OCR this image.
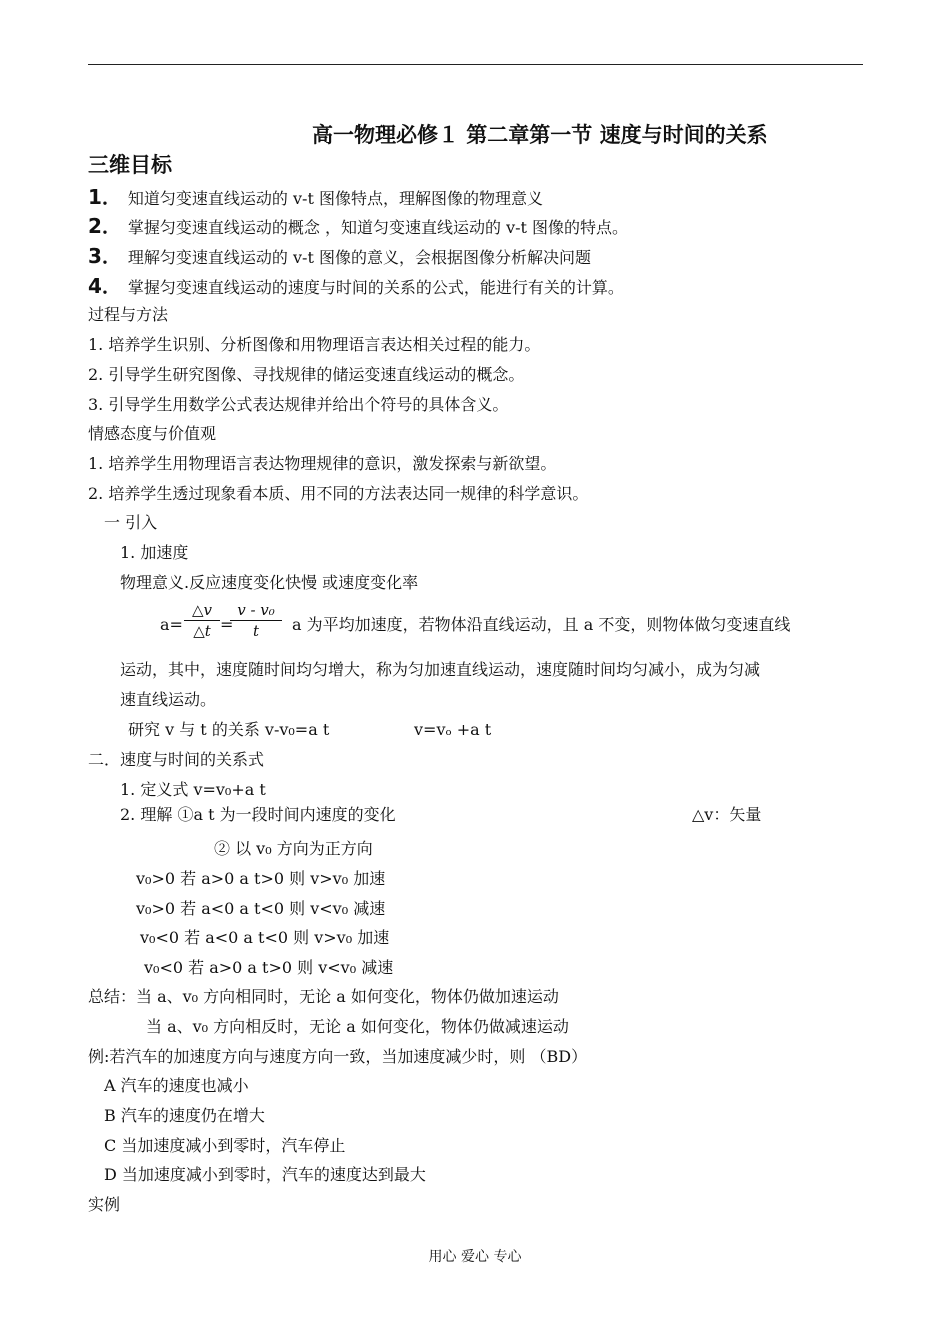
高一物理必修１ 第二章第一节 速度与时间的关系
三维目标
1． 知道匀变速直线运动的 v-t 图像特点，理解图像的物理意义
2． 掌握匀变速直线运动的概念 ，知道匀变速直线运动的 v-t 图像的特点。
3． 理解匀变速直线运动的 v-t 图像的意义，会根据图像分析解决问题
4． 掌握匀变速直线运动的速度与时间的关系的公式，能进行有关的计算。
过程与方法
1. 培养学生识别、分析图像和用物理语言表达相关过程的能力。
2. 引导学生研究图像、寻找规律的储运变速直线运动的概念。
3. 引导学生用数学公式表达规律并给出个符号的具体含义。
情感态度与价值观
1. 培养学生用物理语言表达物理规律的意识，激发探索与新欲望。
2. 培养学生透过现象看本质、用不同的方法表达同一规律的科学意识。
一 引入
1. 加速度
物理意义.反应速度变化快慢 或速度变化率
a=
△v
△t =
v - v₀
t	a 为平均加速度，若物体沿直线运动，且 a 不变，则物体做匀变速直线
运动，其中，速度随时间均匀增大，称为匀加速直线运动，速度随时间均匀减小，成为匀减
速直线运动。
研究 v 与 t 的关系 v-v₀=a t	v=vₒ +a t
二．速度与时间的关系式
1. 定义式 v=v₀+a t
2. 理解 ①a t 为一段时间内速度的变化	△v：矢量
② 以 v₀ 方向为正方向
v₀>0 若 a>0 a t>0 则 v>v₀ 加速
v₀>0 若 a<0 a t<0 则 v<v₀ 减速
v₀<0 若 a<0 a t<0 则 v>v₀ 加速
v₀<0 若 a>0 a t>0 则 v<v₀ 减速
总结：当 a、v₀ 方向相同时，无论 a 如何变化，物体仍做加速运动
当 a、v₀ 方向相反时，无论 a 如何变化，物体仍做减速运动
例:若汽车的加速度方向与速度方向一致，当加速度减少时，则 （BD）
A 汽车的速度也减小
B 汽车的速度仍在增大
C 当加速度减小到零时，汽车停止
D 当加速度减小到零时，汽车的速度达到最大
实例
用心 爱心 专心
